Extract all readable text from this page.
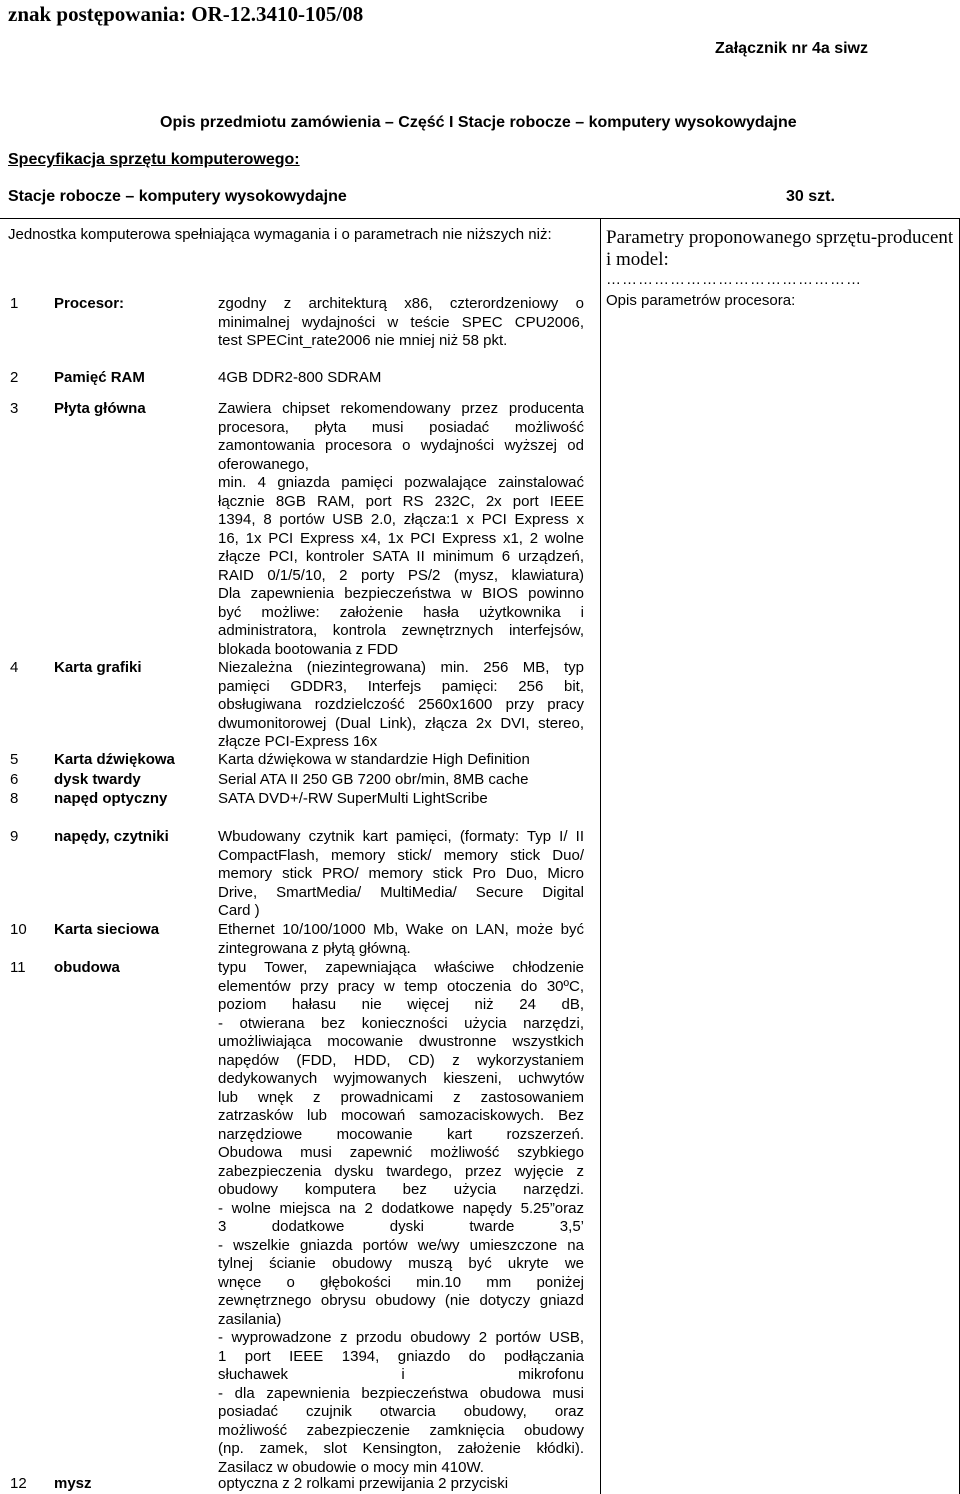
znak postępowania: OR-12.3410-105/08
Załącznik nr 4a siwz
Opis przedmiotu zamówienia – Część I Stacje robocze – komputery wysokowydajne
Specyfikacja sprzętu komputerowego:
Stacje robocze – komputery wysokowydajne	30 szt.
Jednostka komputerowa spełniająca wymagania i o parametrach nie niższych niż:	Parametry proponowanego sprzętu-producent i model:
…………………………………………
Opis parametrów procesora:
1 Procesor:	zgodny z architekturą x86, czterordzeniowy o
minimalnej wydajności w teście SPEC CPU2006,
test SPECint_rate2006 nie mniej niż 58 pkt.
2 Pamięć RAM	4GB DDR2-800 SDRAM
3 Płyta główna	Zawiera chipset rekomendowany przez producenta
procesora, płyta musi posiadać możliwość
zamontowania procesora o wydajności wyższej od
oferowanego,
min. 4 gniazda pamięci pozwalające zainstalować
łącznie 8GB RAM, port RS 232C, 2x port IEEE
1394, 8 portów USB 2.0, złącza:1 x PCI Express x
16, 1x PCI Express x4, 1x PCI Express x1, 2 wolne
złącze PCI, kontroler SATA II minimum 6 urządzeń,
RAID 0/1/5/10, 2 porty PS/2 (mysz, klawiatura)
Dla zapewnienia bezpieczeństwa w BIOS powinno
być możliwe: założenie hasła użytkownika i
administratora, kontrola zewnętrznych interfejsów,
blokada bootowania z FDD
4 Karta grafiki	Niezależna (niezintegrowana) min. 256 MB, typ
pamięci GDDR3, Interfejs pamięci: 256 bit,
obsługiwana rozdzielczość 2560x1600 przy pracy
dwumonitorowej (Dual Link), złącza 2x DVI, stereo,
złącze PCI-Express 16x
5 Karta dźwiękowa	Karta dźwiękowa w standardzie High Definition
6 dysk twardy	Serial ATA II 250 GB 7200 obr/min, 8MB cache
8 napęd optyczny	SATA DVD+/-RW SuperMulti LightScribe
9 napędy, czytniki	Wbudowany czytnik kart pamięci, (formaty: Typ I/ II
CompactFlash, memory stick/ memory stick Duo/
memory stick PRO/ memory stick Pro Duo, Micro
Drive, SmartMedia/ MultiMedia/ Secure Digital
Card )
10 Karta sieciowa	Ethernet 10/100/1000 Mb, Wake on LAN, może być
zintegrowana z płytą główną.
11 obudowa	typu Tower, zapewniająca właściwe chłodzenie
elementów przy pracy w temp otoczenia do 30ºC,
poziom hałasu nie więcej niż 24 dB,
- otwierana bez konieczności użycia narzędzi,
umożliwiająca mocowanie dwustronne wszystkich
napędów (FDD, HDD, CD) z wykorzystaniem
dedykowanych wyjmowanych kieszeni, uchwytów
lub wnęk z prowadnicami z zastosowaniem
zatrzasków lub mocowań samozaciskowych. Bez
narzędziowe mocowanie kart rozszerzeń.
Obudowa musi zapewnić możliwość szybkiego
zabezpieczenia dysku twardego, przez wyjęcie z
obudowy komputera bez użycia narzędzi.
- wolne miejsca na 2 dodatkowe napędy 5.25”oraz
3 dodatkowe dyski twarde 3,5’
- wszelkie gniazda portów we/wy umieszczone na
tylnej ścianie obudowy muszą być ukryte we
wnęce o głębokości min.10 mm poniżej
zewnętrznego obrysu obudowy (nie dotyczy gniazd
zasilania)
- wyprowadzone z przodu obudowy 2 portów USB,
1 port IEEE 1394, gniazdo do podłączania
słuchawek i mikrofonu
- dla zapewnienia bezpieczeństwa obudowa musi
posiadać czujnik otwarcia obudowy, oraz
możliwość zabezpieczenie zamknięcia obudowy
(np. zamek, slot Kensington, założenie kłódki).
Zasilacz w obudowie o mocy min 410W.
12 mysz	optyczna z 2 rolkami przewijania 2 przyciski
